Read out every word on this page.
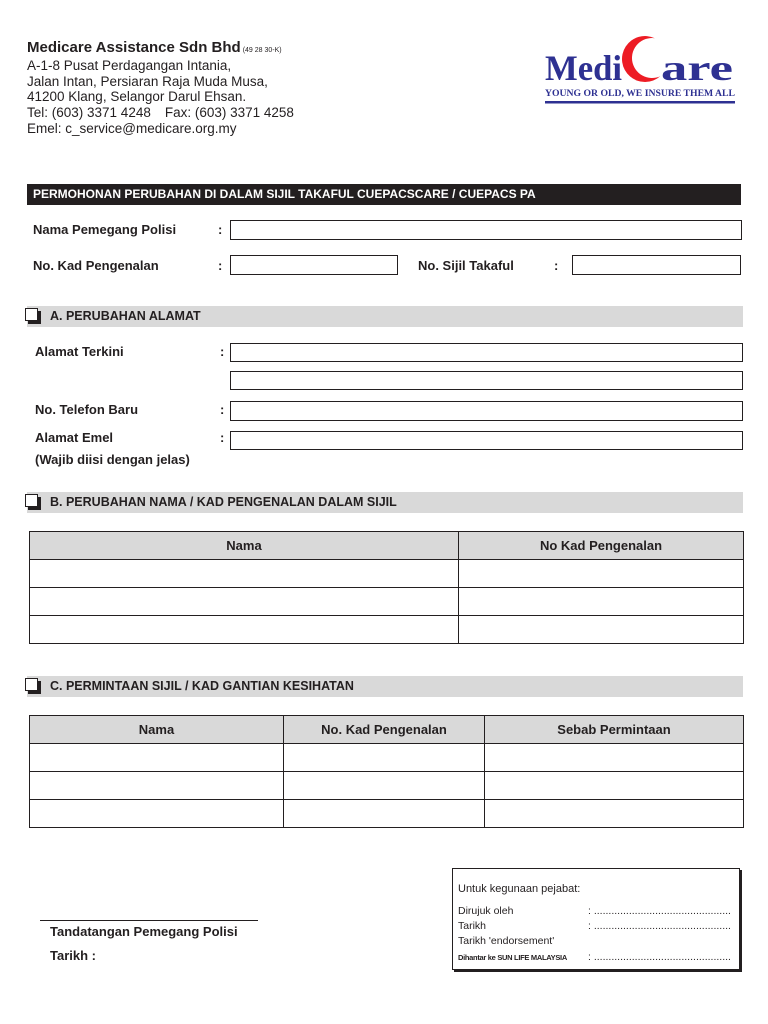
Medicare Assistance Sdn Bhd (49 28 30-K)
A-1-8 Pusat Perdagangan Intania,
Jalan Intan, Persiaran Raja Muda Musa,
41200 Klang, Selangor Darul Ehsan.
Tel: (603) 3371 4248 Fax: (603) 3371 4258
Emel: c_service@medicare.org.my
Medi are
YOUNG OR OLD, WE INSURE THEM ALL
PERMOHONAN PERUBAHAN DI DALAM SIJIL TAKAFUL CUEPACSCARE / CUEPACS PA
Nama Pemegang Polisi	:
No. Kad Pengenalan	:	No. Sijil Takaful	:
A. PERUBAHAN ALAMAT
Alamat Terkini	:
No. Telefon Baru	:
Alamat Emel	:
(Wajib diisi dengan jelas)
B. PERUBAHAN NAMA / KAD PENGENALAN DALAM SIJIL
Nama	No Kad Pengenalan

C. PERMINTAAN SIJIL / KAD GANTIAN KESIHATAN
Nama	No. Kad Pengenalan	Sebab Permintaan

Tandatangan Pemegang Polisi
Tarikh :
Untuk kegunaan pejabat:
Dirujuk oleh	: ...............................................
Tarikh	: ...............................................
Tarikh 'endorsement'
Dihantar ke SUN LIFE MALAYSIA : ...............................................
